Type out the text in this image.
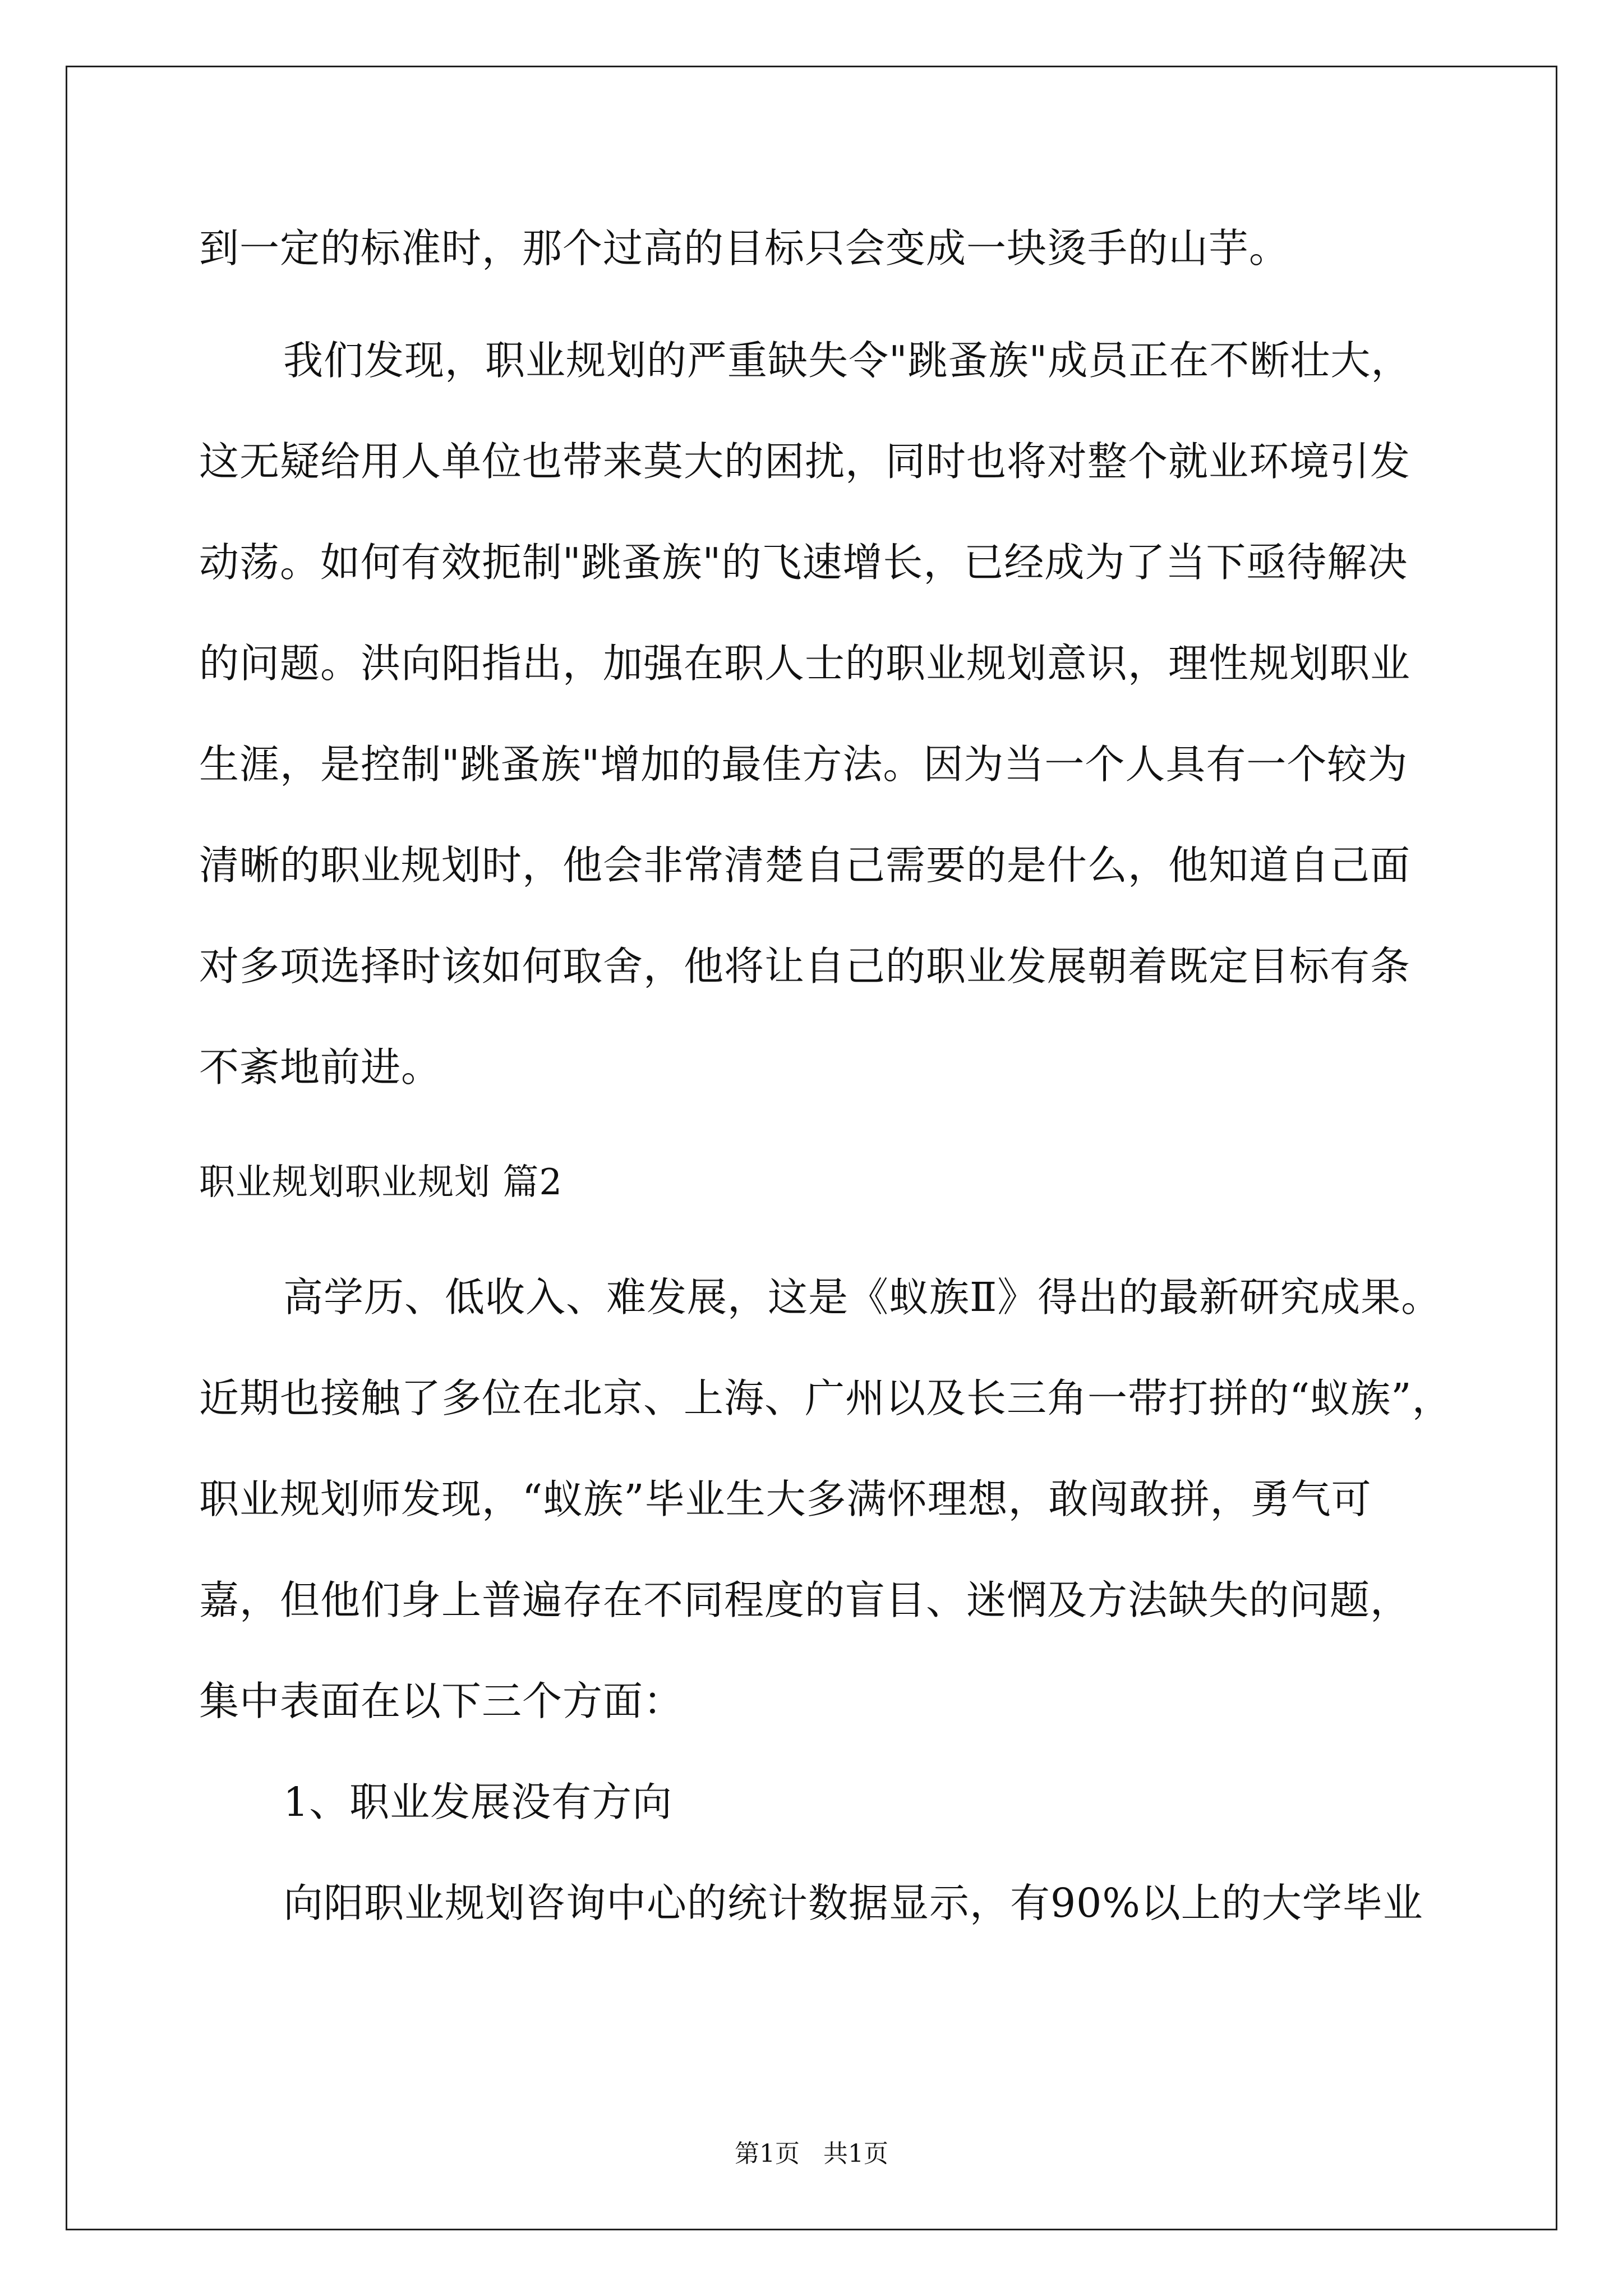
到一定的标准时，那个过高的目标只会变成一块烫手的山芋。
我们发现，职业规划的严重缺失令"跳蚤族"成员正在不断壮大，
这无疑给用人单位也带来莫大的困扰，同时也将对整个就业环境引发
动荡。如何有效扼制"跳蚤族"的飞速增长，已经成为了当下亟待解决
的问题。洪向阳指出，加强在职人士的职业规划意识，理性规划职业
生涯，是控制"跳蚤族"增加的最佳方法。因为当一个人具有一个较为
清晰的职业规划时，他会非常清楚自己需要的是什么，他知道自己面
对多项选择时该如何取舍，他将让自己的职业发展朝着既定目标有条
不紊地前进。
职业规划职业规划 篇2
高学历、低收入、难发展，这是《蚁族Ⅱ》得出的最新研究成果。
近期也接触了多位在北京、上海、广州以及长三角一带打拼的“蚁族”，
职业规划师发现，“蚁族”毕业生大多满怀理想，敢闯敢拼，勇气可
嘉，但他们身上普遍存在不同程度的盲目、迷惘及方法缺失的问题，
集中表面在以下三个方面：
1、职业发展没有方向
向阳职业规划咨询中心的统计数据显示，有90%以上的大学毕业
第1页   共1页
